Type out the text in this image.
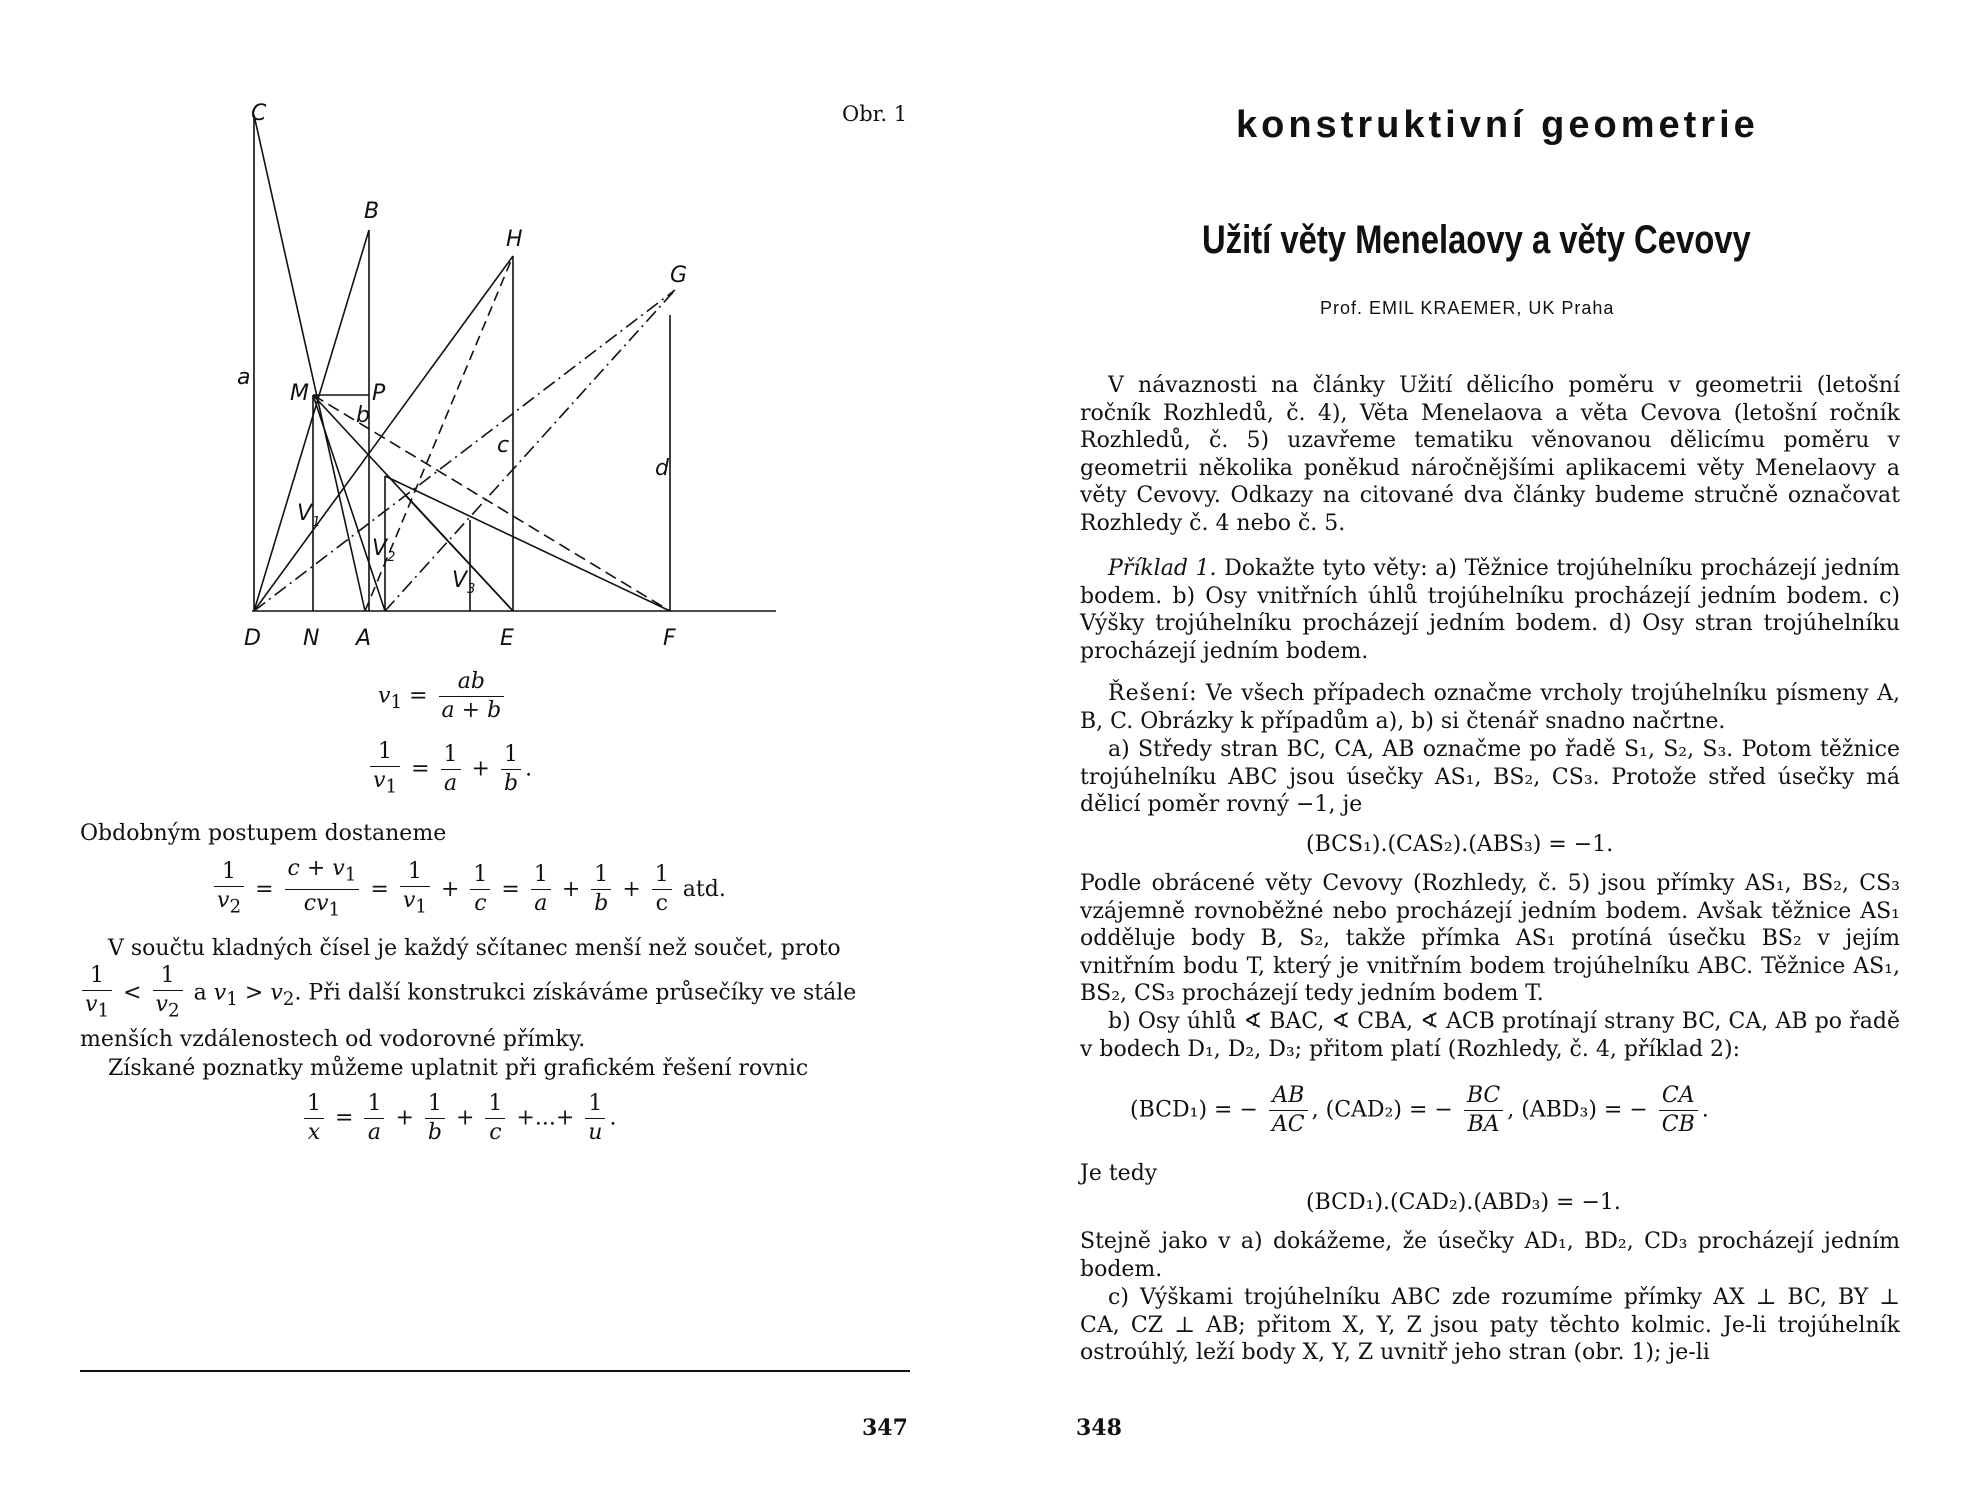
Obr. 1
C
B
H
G
a
M	P
b
c
d
$V_1$
$V_2$
$V_3$
D N A	E	F
$v_1 = \frac{ab}{a + b}$
$\frac{1}{v_1} = \frac{1}{a} + \frac{1}{b}$ .
Obdobným postupem dostaneme
$\frac{1}{v_2} = \frac{c + v_1}{cv_1} = \frac{1}{v_1} + \frac{1}{c} = \frac{1}{a} + \frac{1}{b} + \frac{1}{c}$ atd.
V součtu kladných čísel je každý sčítanec menší než součet, proto
$\frac{1}{v_1} < \frac{1}{v_2}$ a $v_1 > v_2$. Při další konstrukci získáváme průsečíky ve stále
menších vzdálenostech od vodorovné přímky.
Získané poznatky můžeme uplatnit při grafickém řešení rovnic
$\frac{1}{x} = \frac{1}{a} + \frac{1}{b} + \frac{1}{c}$ +...+ $\frac{1}{u}$ .
347
konstruktivní geometrie
Užití věty Menelaovy a věty Cevovy
Prof. EMIL KRAEMER, UK Praha
V návaznosti na články Užití dělicího poměru v geometrii (letošní ročník Rozhledů, č. 4), Věta Menelaova a věta Cevova (letošní ročník Rozhledů, č. 5) uzavřeme tematiku věnovanou dělicímu poměru v geometrii několika poněkud náročnějšími aplikacemi věty Menelaovy a věty Cevovy. Odkazy na citované dva články budeme stručně označovat Rozhledy č. 4 nebo č. 5.
Příklad 1. Dokažte tyto věty: a) Těžnice trojúhelníku procházejí jedním bodem. b) Osy vnitřních úhlů trojúhelníku procházejí jedním bodem. c) Výšky trojúhelníku procházejí jedním bodem. d) Osy stran trojúhelníku procházejí jedním bodem.
Řešení: Ve všech případech označme vrcholy trojúhelníku písmeny A, B, C. Obrázky k případům a), b) si čtenář snadno načrtne.
a) Středy stran BC, CA, AB označme po řadě S₁, S₂, S₃. Potom těžnice trojúhelníku ABC jsou úsečky AS₁, BS₂, CS₃. Protože střed úsečky má dělicí poměr rovný −1, je
(BCS₁).(CAS₂).(ABS₃) = −1.
Podle obrácené věty Cevovy (Rozhledy, č. 5) jsou přímky AS₁, BS₂, CS₃ vzájemně rovnoběžné nebo procházejí jedním bodem. Avšak těžnice AS₁ odděluje body B, S₂, takže přímka AS₁ protíná úsečku BS₂ v jejím vnitřním bodu T, který je vnitřním bodem trojúhelníku ABC. Těžnice AS₁, BS₂, CS₃ procházejí tedy jedním bodem T.
b) Osy úhlů ∢ BAC, ∢ CBA, ∢ ACB protínají strany BC, CA, AB po řadě v bodech D₁, D₂, D₃; přitom platí (Rozhledy, č. 4, příklad 2):
(BCD₁) = − $\frac{AB}{AC}$ , (CAD₂) = − $\frac{BC}{BA}$ , (ABD₃) = − $\frac{CA}{CB}$ .
Je tedy
(BCD₁).(CAD₂).(ABD₃) = −1.
Stejně jako v a) dokážeme, že úsečky AD₁, BD₂, CD₃ procházejí jedním bodem.
c) Výškami trojúhelníku ABC zde rozumíme přímky AX ⊥ BC, BY ⊥ CA, CZ ⊥ AB; přitom X, Y, Z jsou paty těchto kolmic. Je-li trojúhelník ostroúhlý, leží body X, Y, Z uvnitř jeho stran (obr. 1); je-li
348
